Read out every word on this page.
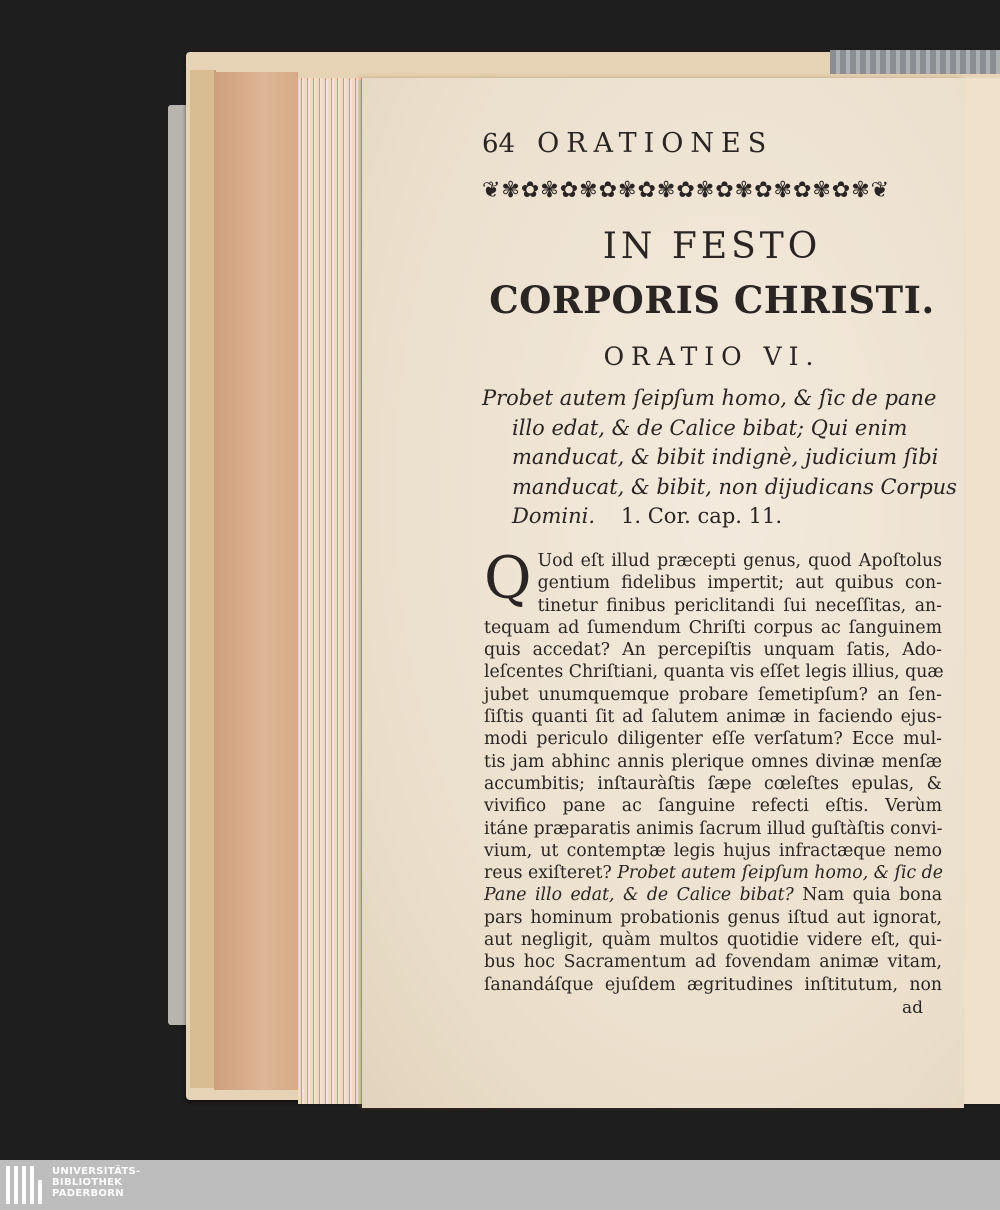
64 ORATIONES
❦✾✿✾✿✾✿✾✿✾✿✾✿✾✿✾✿✾✿✾❦
IN FESTO
CORPORIS CHRISTI.
ORATIO VI.
Probet autem ſeipſum homo, & ſic de pane
illo edat, & de Calice bibat; Qui enim
manducat, & bibit indignè, judicium ſibi
manducat, & bibit, non dijudicans Corpus
Domini. 1. Cor. cap. 11.
Q Uod eſt illud præcepti genus, quod Apoſtolus
gentium fidelibus impertit; aut quibus con-
tinetur finibus periclitandi ſui neceſſitas, an-
tequam ad ſumendum Chriſti corpus ac ſanguinem
quis accedat? An percepiſtis unquam ſatis, Ado-
leſcentes Chriſtiani, quanta vis eſſet legis illius, quæ
jubet unumquemque probare ſemetipſum? an ſen-
ſiſtis quanti ſit ad ſalutem animæ in faciendo ejus-
modi periculo diligenter eſſe verſatum? Ecce mul-
tis jam abhinc annis plerique omnes divinæ menſæ
accumbitis; inſtauràſtis ſæpe cœleſtes epulas, &
vivifico pane ac ſanguine refecti eſtis. Verùm
itáne præparatis animis ſacrum illud guſtàſtis convi-
vium, ut contemptæ legis hujus infractæque nemo
reus exiſteret? Probet autem ſeipſum homo, & ſic de
Pane illo edat, & de Calice bibat? Nam quia bona
pars hominum probationis genus iſtud aut ignorat,
aut negligit, quàm multos quotidie videre eſt, qui-
bus hoc Sacramentum ad fovendam animæ vitam,
ſanandáſque ejuſdem ægritudines inſtitutum, non
ad
UNIVERSITÄTS-
BIBLIOTHEK
PADERBORN
